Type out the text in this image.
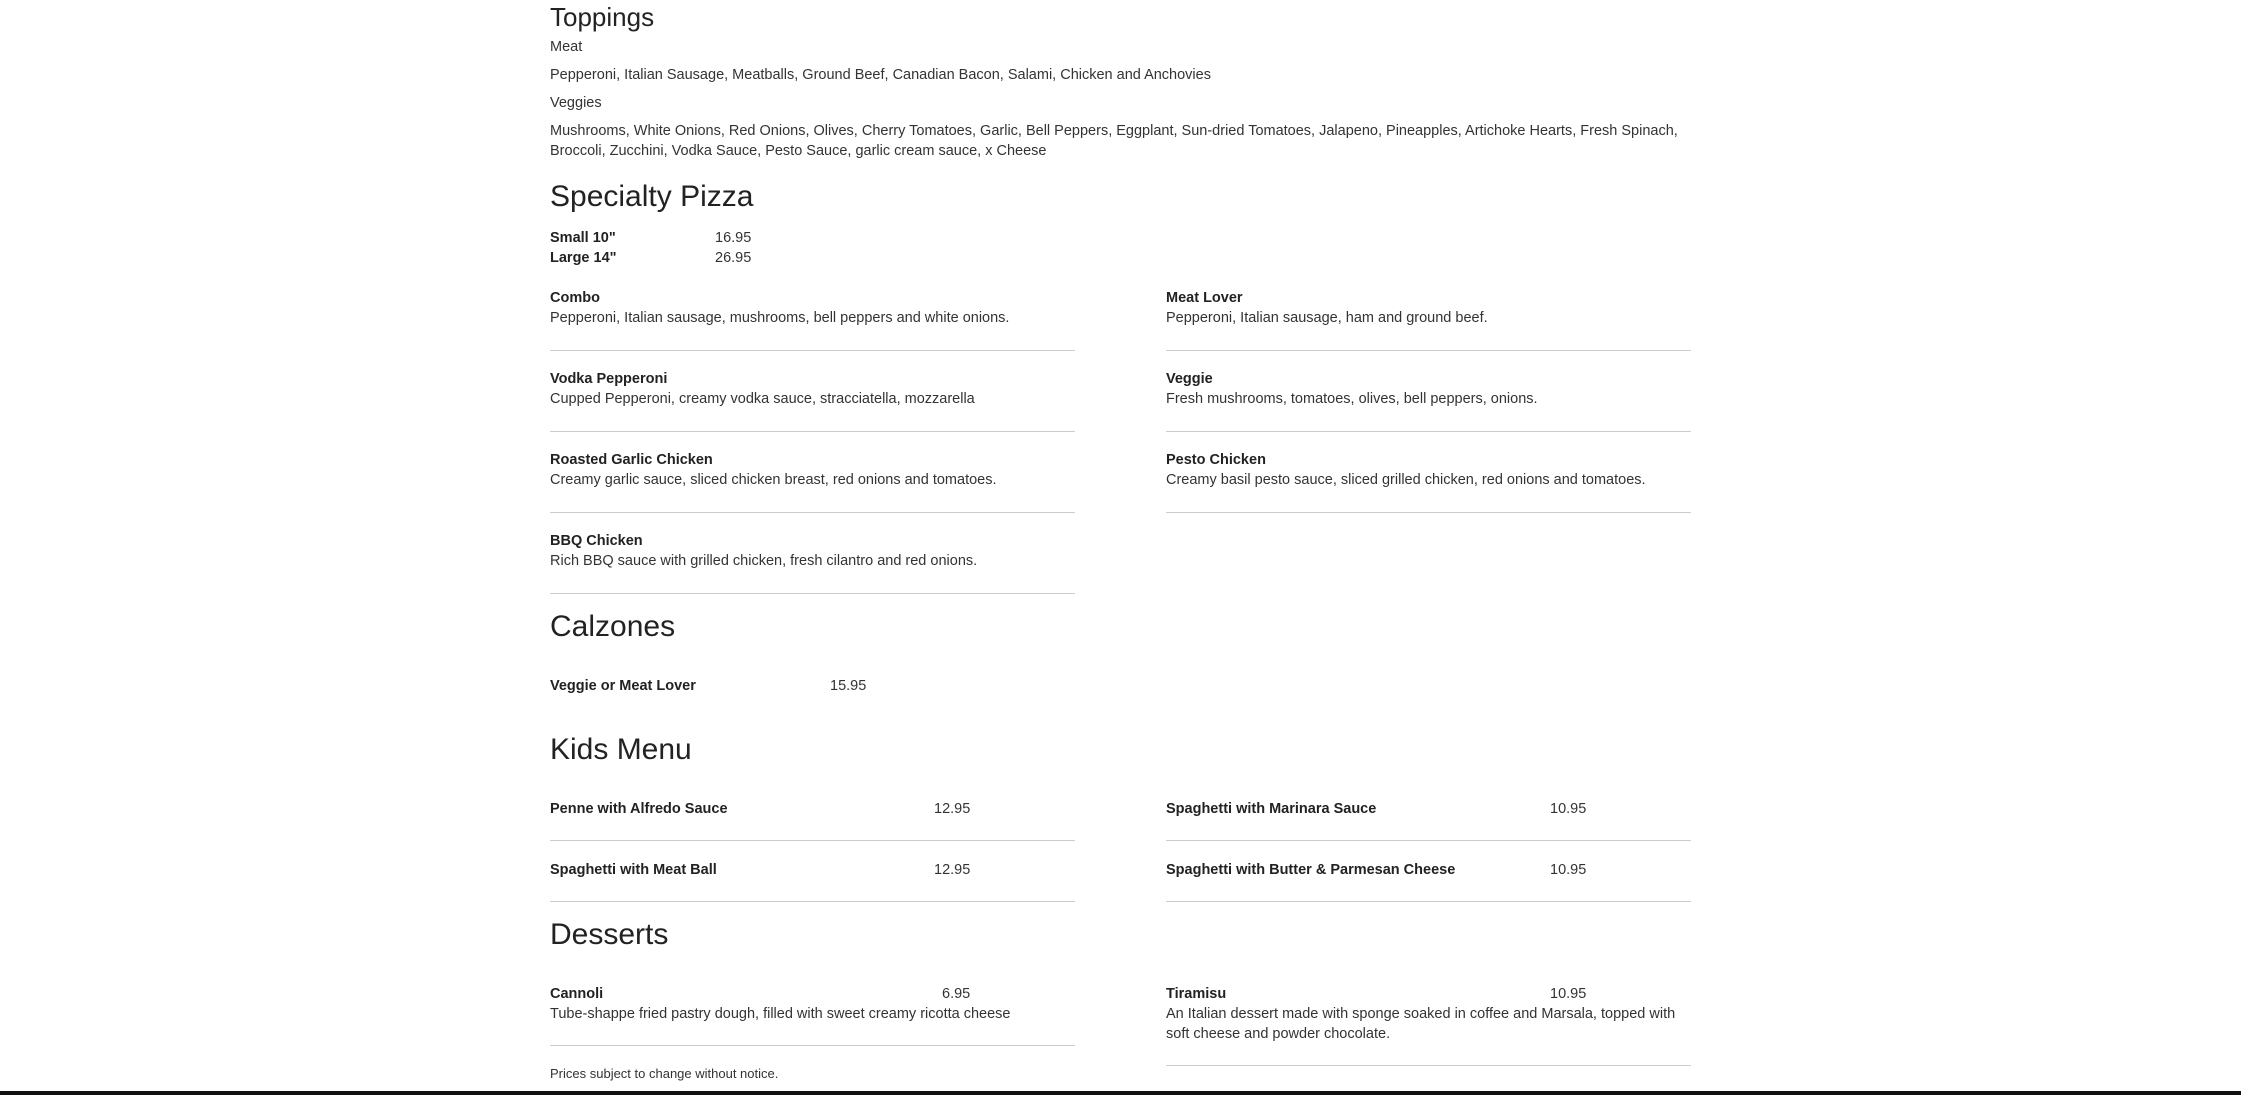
Toppings
Meat
Pepperoni, Italian Sausage, Meatballs, Ground Beef, Canadian Bacon, Salami, Chicken and Anchovies
Veggies
Mushrooms, White Onions, Red Onions, Olives, Cherry Tomatoes, Garlic, Bell Peppers, Eggplant, Sun-dried Tomatoes, Jalapeno, Pineapples, Artichoke Hearts, Fresh Spinach, Broccoli, Zucchini, Vodka Sauce, Pesto Sauce, garlic cream sauce, x Cheese
Specialty Pizza
Small 10"	16.95
Large 14"	26.95
Combo
Pepperoni, Italian sausage, mushrooms, bell peppers and white onions.
Vodka Pepperoni
Cupped Pepperoni, creamy vodka sauce, stracciatella, mozzarella
Roasted Garlic Chicken
Creamy garlic sauce, sliced chicken breast, red onions and tomatoes.
BBQ Chicken
Rich BBQ sauce with grilled chicken, fresh cilantro and red onions.
Meat Lover
Pepperoni, Italian sausage, ham and ground beef.
Veggie
Fresh mushrooms, tomatoes, olives, bell peppers, onions.
Pesto Chicken
Creamy basil pesto sauce, sliced grilled chicken, red onions and tomatoes.
Calzones
Veggie or Meat Lover	15.95
Kids Menu
Penne with Alfredo Sauce	12.95
Spaghetti with Meat Ball	12.95
Spaghetti with Marinara Sauce	10.95
Spaghetti with Butter & Parmesan Cheese	10.95
Desserts
Cannoli	6.95
Tube-shappe fried pastry dough, filled with sweet creamy ricotta cheese
Tiramisu	10.95
An Italian dessert made with sponge soaked in coffee and Marsala, topped with soft cheese and powder chocolate.
Prices subject to change without notice.
